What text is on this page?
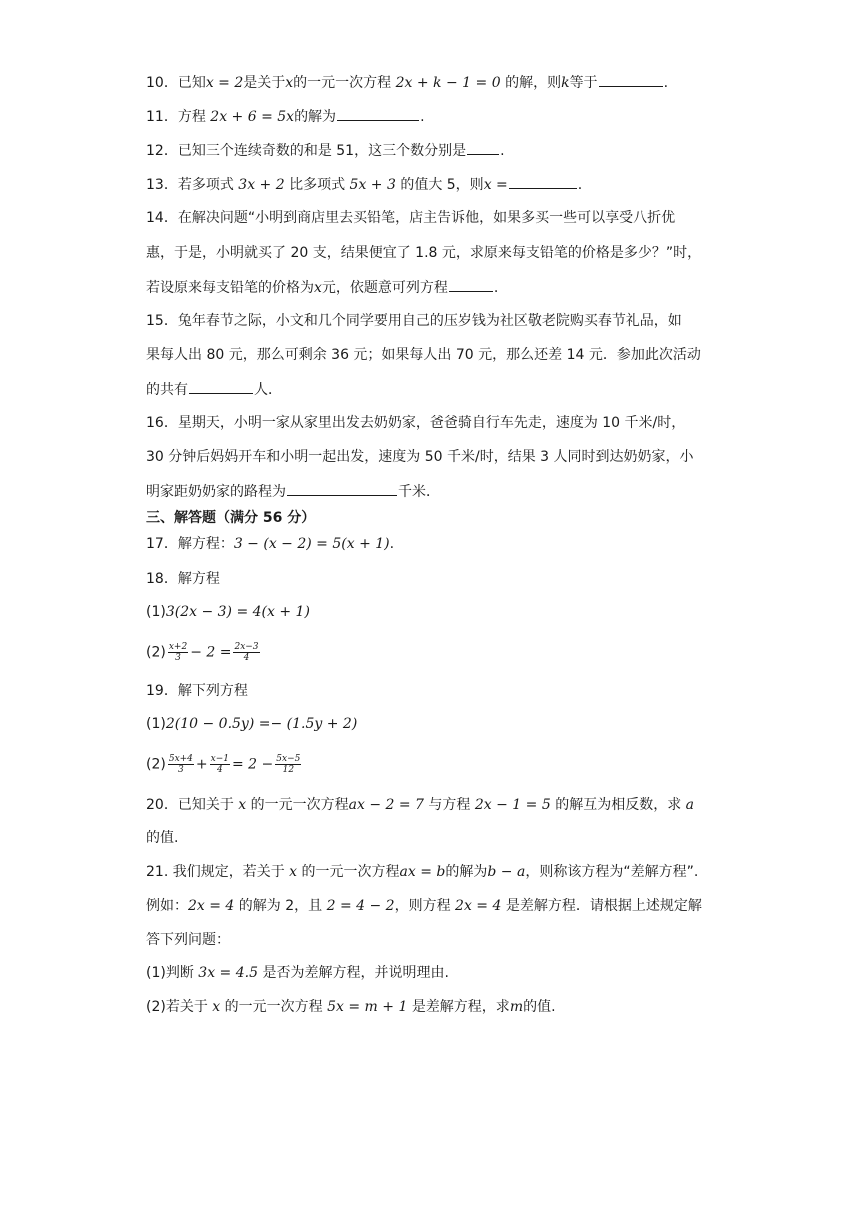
10．已知x = 2是关于x的一元一次方程 2x + k − 1 = 0 的解，则k等于	.
11．方程 2x + 6 = 5x的解为	.
12．已知三个连续奇数的和是 51，这三个数分别是 .
13．若多项式 3x + 2 比多项式 5x + 3 的值大 5，则x =	.
14．在解决问题“小明到商店里去买铅笔，店主告诉他，如果多买一些可以享受八折优
惠，于是，小明就买了 20 支，结果便宜了 1.8 元，求原来每支铅笔的价格是多少？”时，
若设原来每支铅笔的价格为x元，依题意可列方程	.
15．兔年春节之际，小文和几个同学要用自己的压岁钱为社区敬老院购买春节礼品，如
果每人出 80 元，那么可剩余 36 元；如果每人出 70 元，那么还差 14 元．参加此次活动
的共有	人．
16．星期天，小明一家从家里出发去奶奶家，爸爸骑自行车先走，速度为 10 千米/时，
30 分钟后妈妈开车和小明一起出发，速度为 50 千米/时，结果 3 人同时到达奶奶家，小
明家距奶奶家的路程为	千米．
三、解答题（满分 56 分）
17．解方程：3 − (x − 2) = 5(x + 1).
18．解方程
(1)3(2x − 3) = 4(x + 1)
$(2) \frac{x+2}{3} - 2 = \frac{2x-3}{4}$
19．解下列方程
(1)2(10 − 0.5y) =− (1.5y + 2)
$(2) \frac{5x+4}{3} + \frac{x-1}{4} = 2 - \frac{5x-5}{12}$
20．已知关于 x 的一元一次方程ax − 2 = 7 与方程 2x − 1 = 5 的解互为相反数，求 a
的值.
21. 我们规定，若关于 x 的一元一次方程ax = b的解为b − a，则称该方程为“差解方程”.
例如：2x = 4 的解为 2，且 2 = 4 − 2，则方程 2x = 4 是差解方程．请根据上述规定解
答下列问题：
(1)判断 3x = 4.5 是否为差解方程，并说明理由.
(2)若关于 x 的一元一次方程 5x = m + 1 是差解方程，求m的值.
